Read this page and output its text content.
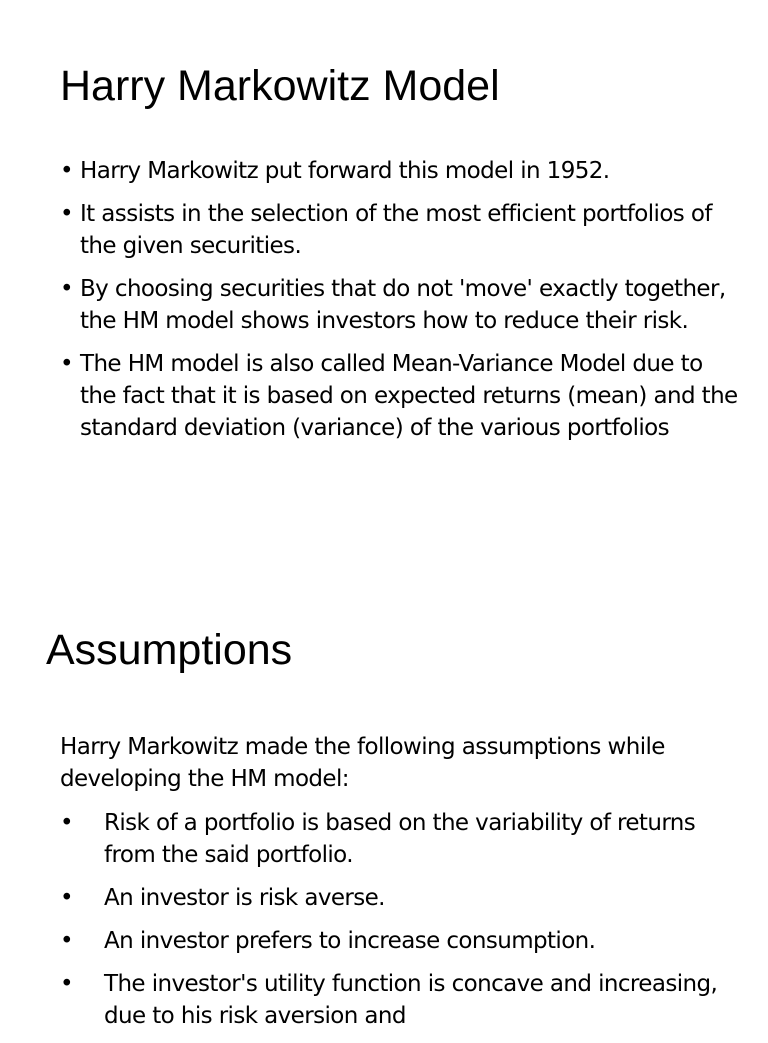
Harry Markowitz Model
• Harry Markowitz put forward this model in 1952.
• It assists in the selection of the most efficient portfolios of the given securities.
• By choosing securities that do not 'move' exactly together, the HM model shows investors how to reduce their risk.
• The HM model is also called Mean-Variance Model due to the fact that it is based on expected returns (mean) and the standard deviation (variance) of the various portfolios
Assumptions

Harry Markowitz made the following assumptions while developing the HM model:

• Risk of a portfolio is based on the variability of returns from the said portfolio.
• An investor is risk averse.
• An investor prefers to increase consumption.
• The investor's utility function is concave and increasing, due to his risk aversion and
